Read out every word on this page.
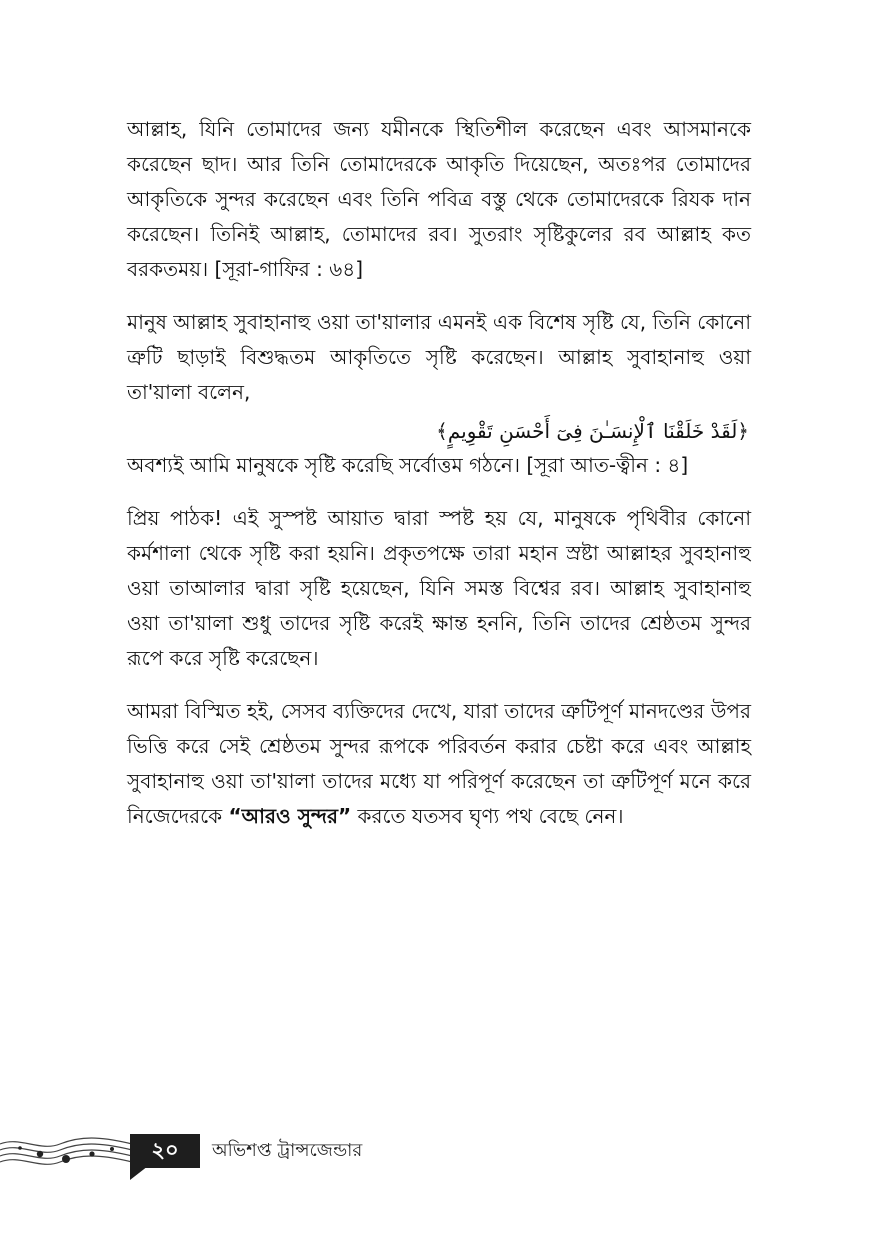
আল্লাহ, যিনি তোমাদের জন্য যমীনকে স্থিতিশীল করেছেন এবং আসমানকে করেছেন ছাদ। আর তিনি তোমাদেরকে আকৃতি দিয়েছেন, অতঃপর তোমাদের আকৃতিকে সুন্দর করেছেন এবং তিনি পবিত্র বস্তু থেকে তোমাদেরকে রিযক দান করেছেন। তিনিই আল্লাহ, তোমাদের রব। সুতরাং সৃষ্টিকুলের রব আল্লাহ কত বরকতময়। [সূরা-গাফির : ৬৪]

মানুষ আল্লাহ সুবাহানাহু ওয়া তা'য়ালার এমনই এক বিশেষ সৃষ্টি যে, তিনি কোনো ত্রুটি ছাড়াই বিশুদ্ধতম আকৃতিতে সৃষ্টি করেছেন। আল্লাহ সুবাহানাহু ওয়া তা'য়ালা বলেন,

﴿لَقَدْ خَلَقْنَا ٱلْإِنسَـٰنَ فِىٓ أَحْسَنِ تَقْوِيمٍ﴾

অবশ্যই আমি মানুষকে সৃষ্টি করেছি সর্বোত্তম গঠনে। [সূরা আত-ত্বীন : ৪]

প্রিয় পাঠক! এই সুস্পষ্ট আয়াত দ্বারা স্পষ্ট হয় যে, মানুষকে পৃথিবীর কোনো কর্মশালা থেকে সৃষ্টি করা হয়নি। প্রকৃতপক্ষে তারা মহান স্রষ্টা আল্লাহর সুবহানাহু ওয়া তাআলার দ্বারা সৃষ্টি হয়েছেন, যিনি সমস্ত বিশ্বের রব। আল্লাহ সুবাহানাহু ওয়া তা'য়ালা শুধু তাদের সৃষ্টি করেই ক্ষান্ত হননি, তিনি তাদের শ্রেষ্ঠতম সুন্দর রূপে করে সৃষ্টি করেছেন।

আমরা বিস্মিত হই, সেসব ব্যক্তিদের দেখে, যারা তাদের ত্রুটিপূর্ণ মানদণ্ডের উপর ভিত্তি করে সেই শ্রেষ্ঠতম সুন্দর রূপকে পরিবর্তন করার চেষ্টা করে এবং আল্লাহ সুবাহানাহু ওয়া তা'য়ালা তাদের মধ্যে যা পরিপূর্ণ করেছেন তা ত্রুটিপূর্ণ মনে করে নিজেদেরকে “আরও সুন্দর” করতে যতসব ঘৃণ্য পথ বেছে নেন।

২০	অভিশপ্ত ট্রান্সজেন্ডার
